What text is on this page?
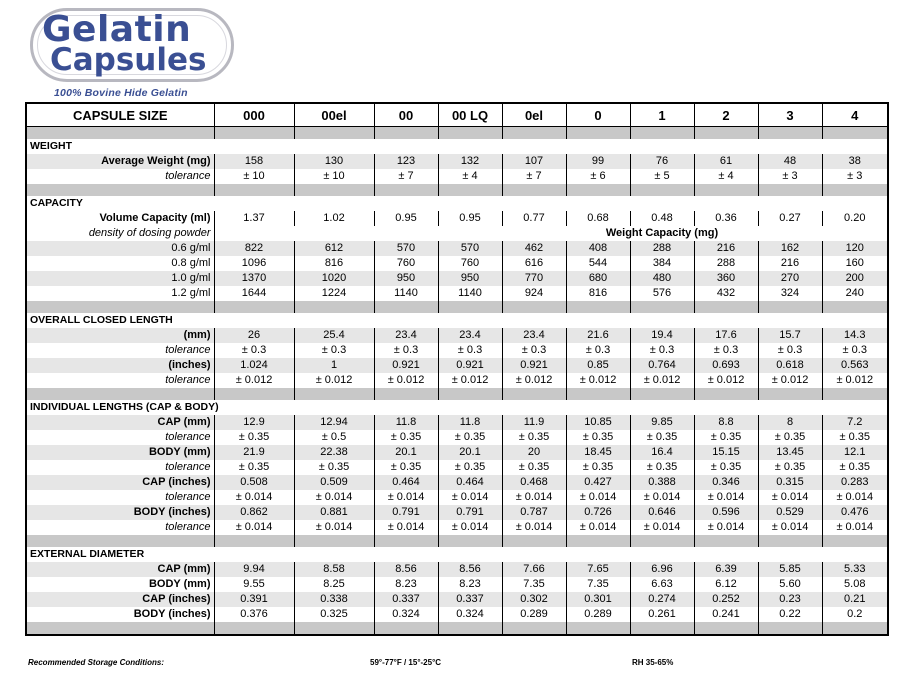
Gelatin
Capsules
100% Bovine Hide Gelatin
CAPSULE SIZE	000	00el	00	00 LQ	0el	0	1	2	3	4

WEIGHT										
Average Weight (mg)	158	130	123	132	107	99	76	61	48	38
tolerance	± 10	± 10	± 7	± 4	± 7	± 6	± 5	± 4	± 3	± 3

CAPACITY										
Volume Capacity (ml)	1.37	1.02	0.95	0.95	0.77	0.68	0.48	0.36	0.27	0.20
density of dosing powder						Weight Capacity (mg)				
0.6 g/ml	822	612	570	570	462	408	288	216	162	120
0.8 g/ml	1096	816	760	760	616	544	384	288	216	160
1.0 g/ml	1370	1020	950	950	770	680	480	360	270	200
1.2 g/ml	1644	1224	1140	1140	924	816	576	432	324	240

OVERALL CLOSED LENGTH										
(mm)	26	25.4	23.4	23.4	23.4	21.6	19.4	17.6	15.7	14.3
tolerance	± 0.3	± 0.3	± 0.3	± 0.3	± 0.3	± 0.3	± 0.3	± 0.3	± 0.3	± 0.3
(inches)	1.024	1	0.921	0.921	0.921	0.85	0.764	0.693	0.618	0.563
tolerance	± 0.012	± 0.012	± 0.012	± 0.012	± 0.012	± 0.012	± 0.012	± 0.012	± 0.012	± 0.012

INDIVIDUAL LENGTHS (CAP & BODY)										
CAP (mm)	12.9	12.94	11.8	11.8	11.9	10.85	9.85	8.8	8	7.2
tolerance	± 0.35	± 0.5	± 0.35	± 0.35	± 0.35	± 0.35	± 0.35	± 0.35	± 0.35	± 0.35
BODY (mm)	21.9	22.38	20.1	20.1	20	18.45	16.4	15.15	13.45	12.1
tolerance	± 0.35	± 0.35	± 0.35	± 0.35	± 0.35	± 0.35	± 0.35	± 0.35	± 0.35	± 0.35
CAP (inches)	0.508	0.509	0.464	0.464	0.468	0.427	0.388	0.346	0.315	0.283
tolerance	± 0.014	± 0.014	± 0.014	± 0.014	± 0.014	± 0.014	± 0.014	± 0.014	± 0.014	± 0.014
BODY (inches)	0.862	0.881	0.791	0.791	0.787	0.726	0.646	0.596	0.529	0.476
tolerance	± 0.014	± 0.014	± 0.014	± 0.014	± 0.014	± 0.014	± 0.014	± 0.014	± 0.014	± 0.014

EXTERNAL DIAMETER										
CAP (mm)	9.94	8.58	8.56	8.56	7.66	7.65	6.96	6.39	5.85	5.33
BODY (mm)	9.55	8.25	8.23	8.23	7.35	7.35	6.63	6.12	5.60	5.08
CAP (inches)	0.391	0.338	0.337	0.337	0.302	0.301	0.274	0.252	0.23	0.21
BODY (inches)	0.376	0.325	0.324	0.324	0.289	0.289	0.261	0.241	0.22	0.2

Recommended Storage Conditions:	59°-77°F / 15°-25°C	RH 35-65%
